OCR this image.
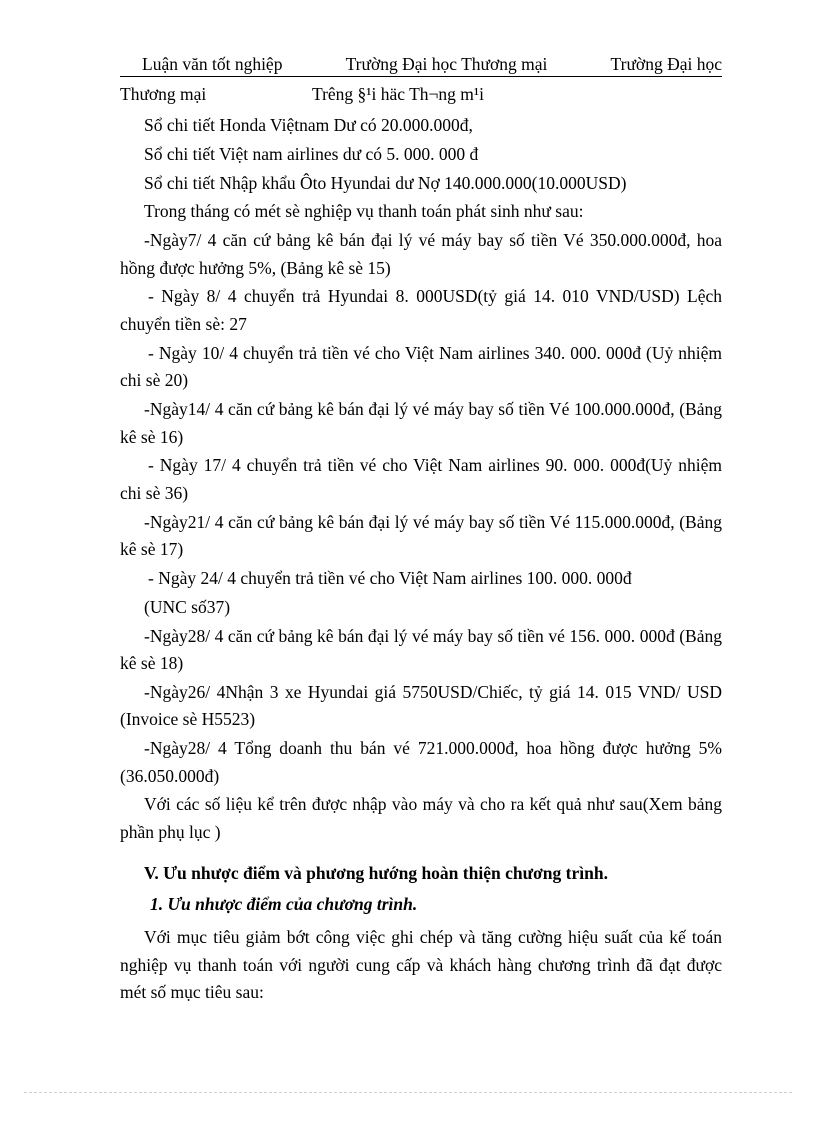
Luận văn tốt nghiệp	Trường Đại học Thương mại	Trường Đại học
Thương mại	Trêng §¹i häc Th¬ng m¹i

Sổ chi tiết Honda Việtnam Dư có 20.000.000đ,

Sổ chi tiết Việt nam airlines dư có 5. 000. 000 đ

Sổ chi tiết Nhập khẩu Ôto Hyundai dư Nợ 140.000.000(10.000USD)

Trong tháng có mét sè nghiệp vụ thanh toán phát sinh như sau:

-Ngày7/ 4 căn cứ bảng kê bán đại lý vé máy bay số tiền Vé 350.000.000đ, hoa hồng được hưởng 5%, (Bảng kê sè 15)

- Ngày 8/ 4 chuyển trả Hyundai 8. 000USD(tỷ giá 14. 010 VND/USD) Lệch chuyển tiền sè: 27

- Ngày 10/ 4 chuyển trả tiền vé cho Việt Nam airlines 340. 000. 000đ (Uỷ nhiệm chi sè 20)

-Ngày14/ 4 căn cứ bảng kê bán đại lý vé máy bay số tiền Vé 100.000.000đ, (Bảng kê sè 16)

- Ngày 17/ 4 chuyển trả tiền vé cho Việt Nam airlines 90. 000. 000đ(Uỷ nhiệm chi sè 36)

-Ngày21/ 4 căn cứ bảng kê bán đại lý vé máy bay số tiền Vé 115.000.000đ, (Bảng kê sè 17)

- Ngày 24/ 4 chuyển trả tiền vé cho Việt Nam airlines 100. 000. 000đ

(UNC số37)

-Ngày28/ 4 căn cứ bảng kê bán đại lý vé máy bay số tiền vé 156. 000. 000đ (Bảng kê sè 18)

-Ngày26/ 4Nhận 3 xe Hyundai giá 5750USD/Chiếc, tỷ giá 14. 015 VND/ USD (Invoice sè H5523)

-Ngày28/ 4 Tổng doanh thu bán vé 721.000.000đ, hoa hồng được hưởng 5% (36.050.000đ)

Với các số liệu kể trên được nhập vào máy và cho ra kết quả như sau(Xem bảng phần phụ lục )

V. Ưu nhược điểm và phương hướng hoàn thiện chương trình.

1. Ưu nhược điểm của chương trình.

Với mục tiêu giảm bớt công việc ghi chép và tăng cường hiệu suất của kế toán nghiệp vụ thanh toán với người cung cấp và khách hàng chương trình đã đạt được mét số mục tiêu sau:
